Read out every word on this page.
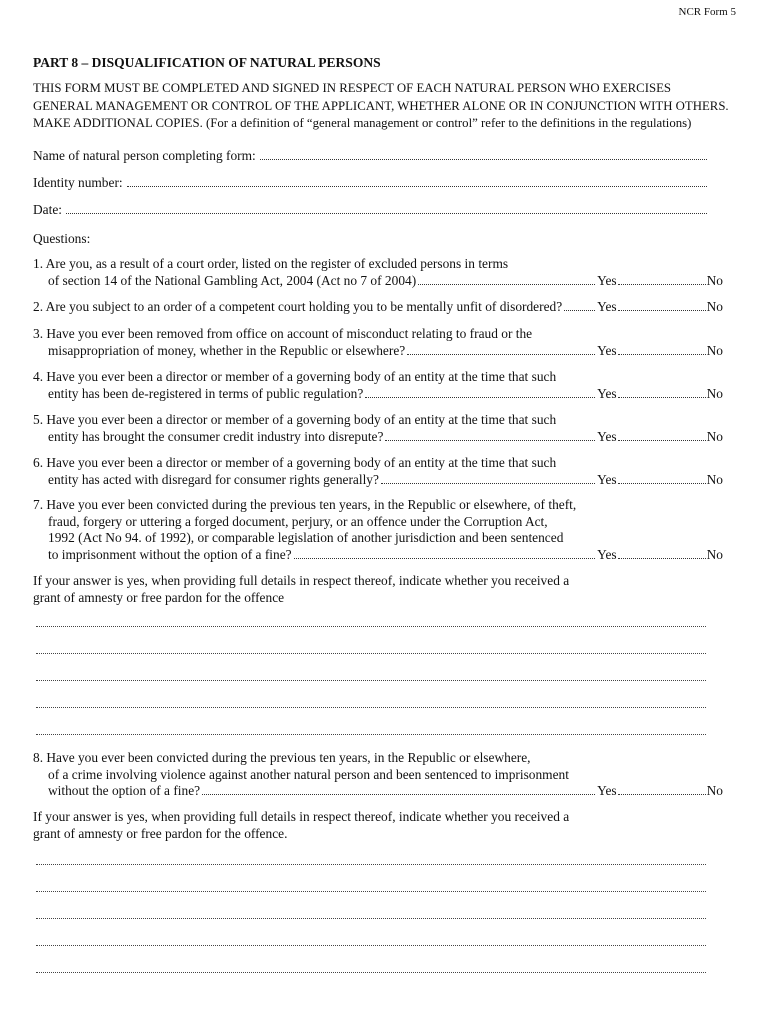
NCR Form 5
PART 8 – DISQUALIFICATION OF NATURAL PERSONS
THIS FORM MUST BE COMPLETED AND SIGNED IN RESPECT OF EACH NATURAL PERSON WHO EXERCISES GENERAL MANAGEMENT OR CONTROL OF THE APPLICANT, WHETHER ALONE OR IN CONJUNCTION WITH OTHERS. MAKE ADDITIONAL COPIES. (For a definition of “general management or control” refer to the definitions in the regulations)
Name of natural person completing form:
Identity number:
Date:
Questions:
1. Are you, as a result of a court order, listed on the register of excluded persons in terms
of section 14 of the National Gambling Act, 2004 (Act no 7 of 2004)	Yes	No
2. Are you subject to an order of a competent court holding you to be mentally unfit of disordered?	Yes	No
3. Have you ever been removed from office on account of misconduct relating to fraud or the
misappropriation of money, whether in the Republic or elsewhere?	Yes	No
4. Have you ever been a director or member of a governing body of an entity at the time that such
entity has been de-registered in terms of public regulation?	Yes	No
5. Have you ever been a director or member of a governing body of an entity at the time that such
entity has brought the consumer credit industry into disrepute?	Yes	No
6. Have you ever been a director or member of a governing body of an entity at the time that such
entity has acted with disregard for consumer rights generally?	Yes	No
7. Have you ever been convicted during the previous ten years, in the Republic or elsewhere, of theft,
fraud, forgery or uttering a forged document, perjury, or an offence under the Corruption Act,
1992 (Act No 94. of 1992), or comparable legislation of another jurisdiction and been sentenced
to imprisonment without the option of a fine?	Yes	No
If your answer is yes, when providing full details in respect thereof, indicate whether you received a
grant of amnesty or free pardon for the offence
8. Have you ever been convicted during the previous ten years, in the Republic or elsewhere,
of a crime involving violence against another natural person and been sentenced to imprisonment
without the option of a fine?	Yes	No
If your answer is yes, when providing full details in respect thereof, indicate whether you received a
grant of amnesty or free pardon for the offence.
